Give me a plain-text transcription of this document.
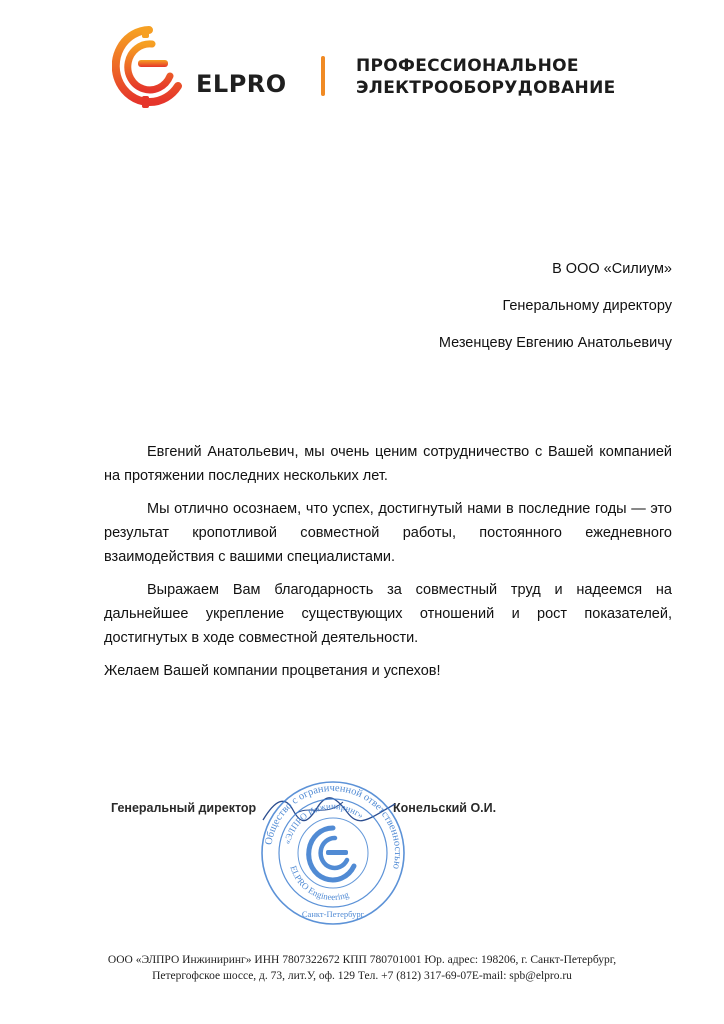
ELPRO
ПРОФЕССИОНАЛЬНОЕ
ЭЛЕКТРООБОРУДОВАНИЕ
В ООО «Силиум»
Генеральному директору
Мезенцеву Евгению Анатольевичу

Евгений Анатольевич, мы очень ценим сотрудничество с Вашей компанией на протяжении последних нескольких лет.

Мы отлично осознаем, что успех, достигнутый нами в последние годы — это результат кропотливой совместной работы, постоянного ежедневного взаимодействия с вашими специалистами.

Выражаем Вам благодарность за совместный труд и надеемся на дальнейшее укрепление существующих отношений и рост показателей, достигнутых в ходе совместной деятельности.

Желаем Вашей компании процветания и успехов!

Генеральный директор	Конельский О.И.
Общество с ограниченной ответственностью
«ЭЛПРО Инжиниринг»
ELPRO Engineering
Санкт-Петербург
ООО «ЭЛПРО Инжиниринг» ИНН 7807322672 КПП 780701001 Юр. адрес: 198206, г. Санкт-Петербург,
Петергофское шоссе, д. 73, лит.У, оф. 129 Тел. +7 (812) 317-69-07E-mail: spb@elpro.ru
